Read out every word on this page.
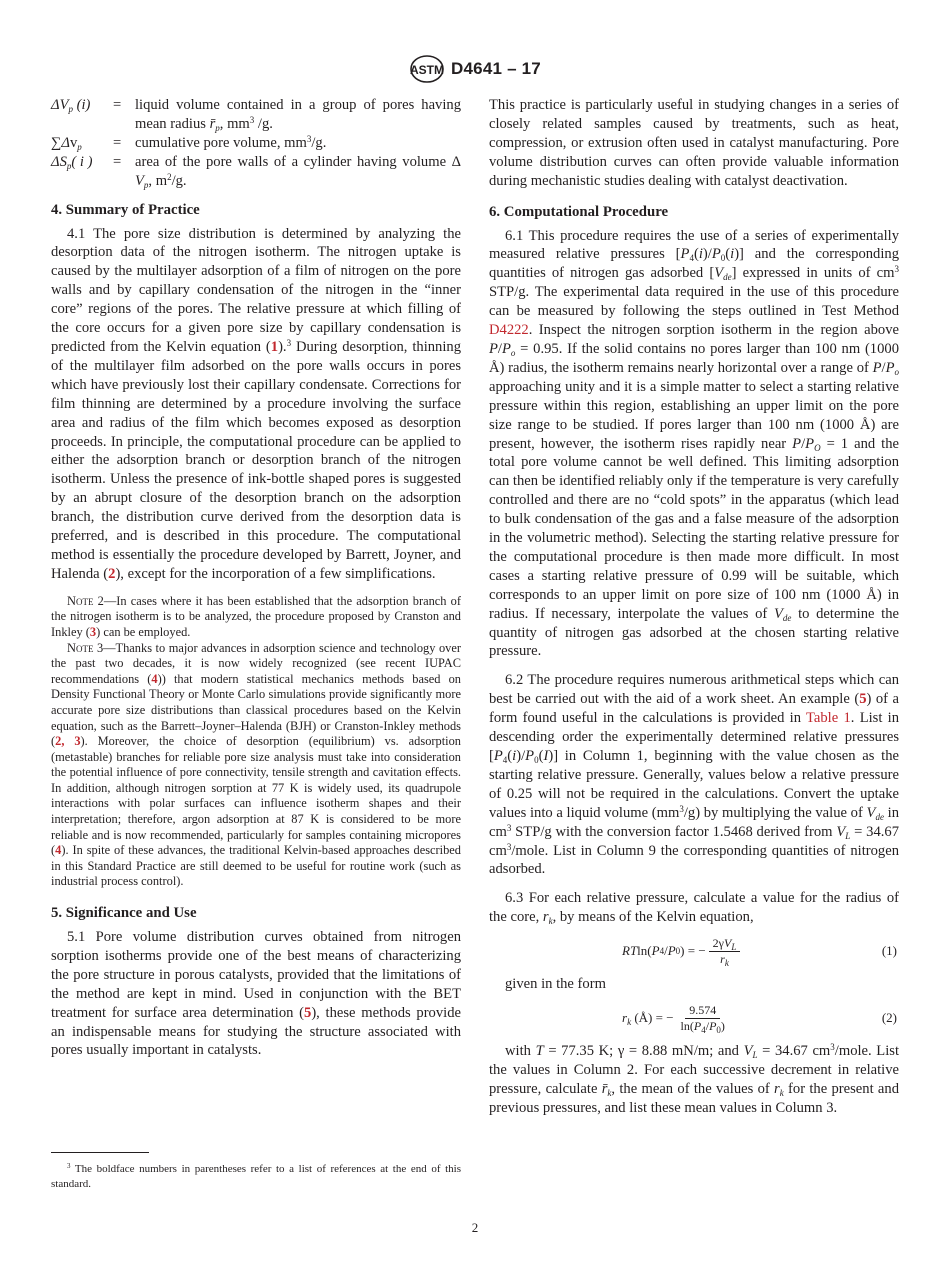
ASTM D4641 – 17
$\Delta V_p$ (i)	=	liquid volume contained in a group of pores having mean radius $r̄_p$, $mm^3$ /g.
$\sum\Delta v_p$	=	cumulative pore volume, $mm^3/g$.
$\Delta S_p$( i )	=	area of the pore walls of a cylinder having volume Δ $V_p$, $m^2/g$.
4. Summary of Practice

4.1 The pore size distribution is determined by analyzing the desorption data of the nitrogen isotherm. The nitrogen uptake is caused by the multilayer adsorption of a film of nitrogen on the pore walls and by capillary condensation of the nitrogen in the “inner core” regions of the pores. The relative pressure at which filling of the core occurs for a given pore size by capillary condensation is predicted from the Kelvin equation (1).$^3$ During desorption, thinning of the multilayer film adsorbed on the pore walls occurs in pores which have previously lost their capillary condensate. Corrections for film thinning are determined by a procedure involving the surface area and radius of the film which becomes exposed as desorption proceeds. In principle, the computational procedure can be applied to either the adsorption branch or desorption branch of the nitrogen isotherm. Unless the presence of ink-bottle shaped pores is suggested by an abrupt closure of the desorption branch on the adsorption branch, the distribution curve derived from the desorption data is preferred, and is described in this procedure. The computational method is essentially the procedure developed by Barrett, Joyner, and Halenda (2), except for the incorporation of a few simplifications.

Note 2—In cases where it has been established that the adsorption branch of the nitrogen isotherm is to be analyzed, the procedure proposed by Cranston and Inkley (3) can be employed.

Note 3—Thanks to major advances in adsorption science and technology over the past two decades, it is now widely recognized (see recent IUPAC recommendations (4)) that modern statistical mechanics methods based on Density Functional Theory or Monte Carlo simulations provide significantly more accurate pore size distributions than classical procedures based on the Kelvin equation, such as the Barrett–Joyner–Halenda (BJH) or Cranston-Inkley methods (2, 3). Moreover, the choice of desorption (equilibrium) vs. adsorption (metastable) branches for reliable pore size analysis must take into consideration the potential influence of pore connectivity, tensile strength and cavitation effects. In addition, although nitrogen sorption at 77 K is widely used, its quadrupole interactions with polar surfaces can influence isotherm shapes and their interpretation; therefore, argon adsorption at 87 K is considered to be more reliable and is now recommended, particularly for samples containing micropores (4). In spite of these advances, the traditional Kelvin-based approaches described in this Standard Practice are still deemed to be useful for routine work (such as industrial process control).

5. Significance and Use

5.1 Pore volume distribution curves obtained from nitrogen sorption isotherms provide one of the best means of characterizing the pore structure in porous catalysts, provided that the limitations of the method are kept in mind. Used in conjunction with the BET treatment for surface area determination (5), these methods provide an indispensable means for studying the structure associated with pores usually important in catalysts.

$^3$ The boldface numbers in parentheses refer to a list of references at the end of this standard.

This practice is particularly useful in studying changes in a series of closely related samples caused by treatments, such as heat, compression, or extrusion often used in catalyst manufacturing. Pore volume distribution curves can often provide valuable information during mechanistic studies dealing with catalyst deactivation.

6. Computational Procedure

6.1 This procedure requires the use of a series of experimentally measured relative pressures $[P_4(i)/P_0(i)]$ and the corresponding quantities of nitrogen gas adsorbed $[V_{de}]$ expressed in units of $cm^3$ STP/g. The experimental data required in the use of this procedure can be measured by following the steps outlined in Test Method D4222. Inspect the nitrogen sorption isotherm in the region above $P/P_o = 0.95$. If the solid contains no pores larger than 100 nm (1000 Å) radius, the isotherm remains nearly horizontal over a range of $P/P_o$ approaching unity and it is a simple matter to select a starting relative pressure within this region, establishing an upper limit on the pore size range to be studied. If pores larger than 100 nm (1000 Å) are present, however, the isotherm rises rapidly near $P/P_O = 1$ and the total pore volume cannot be well defined. This limiting adsorption can then be identified reliably only if the temperature is very carefully controlled and there are no “cold spots” in the apparatus (which lead to bulk condensation of the gas and a false measure of the adsorption in the volumetric method). Selecting the starting relative pressure for the computational procedure is then made more difficult. In most cases a starting relative pressure of 0.99 will be suitable, which corresponds to an upper limit on pore size of 100 nm (1000 Å) in radius. If necessary, interpolate the values of $V_{de}$ to determine the quantity of nitrogen gas adsorbed at the chosen starting relative pressure.

6.2 The procedure requires numerous arithmetical steps which can best be carried out with the aid of a work sheet. An example (5) of a form found useful in the calculations is provided in Table 1. List in descending order the experimentally determined relative pressures $[P_4(i)/P_0(I)]$ in Column 1, beginning with the value chosen as the starting relative pressure. Generally, values below a relative pressure of 0.25 will not be required in the calculations. Convert the uptake values into a liquid volume $(mm^3/g)$ by multiplying the value of $V_{de}$ in $cm^3$ STP/g with the conversion factor 1.5468 derived from $V_L = 34.67$ $cm^3$/mole. List in Column 9 the corresponding quantities of nitrogen adsorbed.

6.3 For each relative pressure, calculate a value for the radius of the core, $r_k$, by means of the Kelvin equation,

RT ln( P 4 / P 0 ) = − $\frac{2\gamma V_L}{r_k}$	(1)

given in the form

$r_k$ (Å) = − $\frac{9.574}{\ln(P_4/P_0)}$	(2)

with T = 77.35 K; γ = 8.88 mN/m; and $V_L = 34.67$ $cm^3$/mole. List the values in Column 2. For each successive decrement in relative pressure, calculate $r̄_k$, the mean of the values of $r_k$ for the present and previous pressures, and list these mean values in Column 3.

2
